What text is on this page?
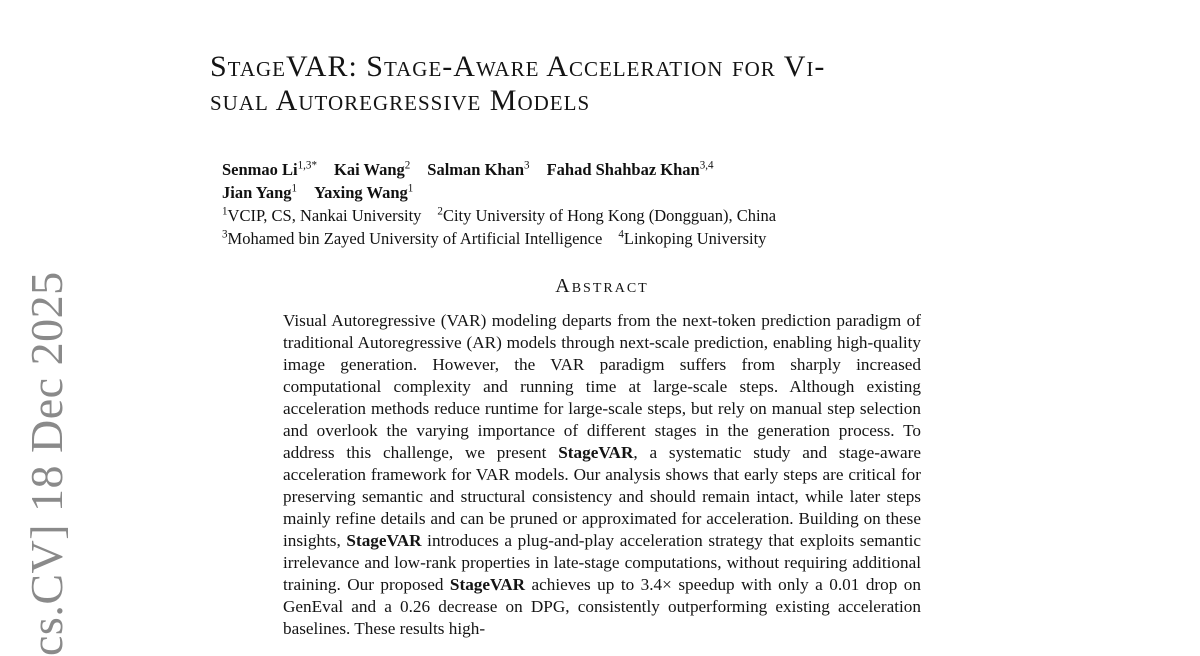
cs.CV] 18 Dec 2025
StageVAR: Stage-Aware Acceleration for Vi-
sual Autoregressive Models
Senmao $Li^{1,3*}$ Kai Wang$^2$ Salman Khan$^3$ Fahad Shahbaz Khan$^{3,4}$
Jian Yang$^1$ Yaxing Wang$^1$
$^1$VCIP, CS, Nankai University $^2$City University of Hong Kong (Dongguan), China
$^3$Mohamed bin Zayed University of Artificial Intelligence $^4$Linkoping University
Abstract
Visual Autoregressive (VAR) modeling departs from the next-token prediction paradigm of traditional Autoregressive (AR) models through next-scale prediction, enabling high-quality image generation. However, the VAR paradigm suffers from sharply increased computational complexity and running time at large-scale steps. Although existing acceleration methods reduce runtime for large-scale steps, but rely on manual step selection and overlook the varying importance of different stages in the generation process. To address this challenge, we present StageVAR, a systematic study and stage-aware acceleration framework for VAR models. Our analysis shows that early steps are critical for preserving semantic and structural consistency and should remain intact, while later steps mainly refine details and can be pruned or approximated for acceleration. Building on these insights, StageVAR introduces a plug-and-play acceleration strategy that exploits semantic irrelevance and low-rank properties in late-stage computations, without requiring additional training. Our proposed StageVAR achieves up to 3.4× speedup with only a 0.01 drop on GenEval and a 0.26 decrease on DPG, consistently outperforming existing acceleration baselines. These results high-
